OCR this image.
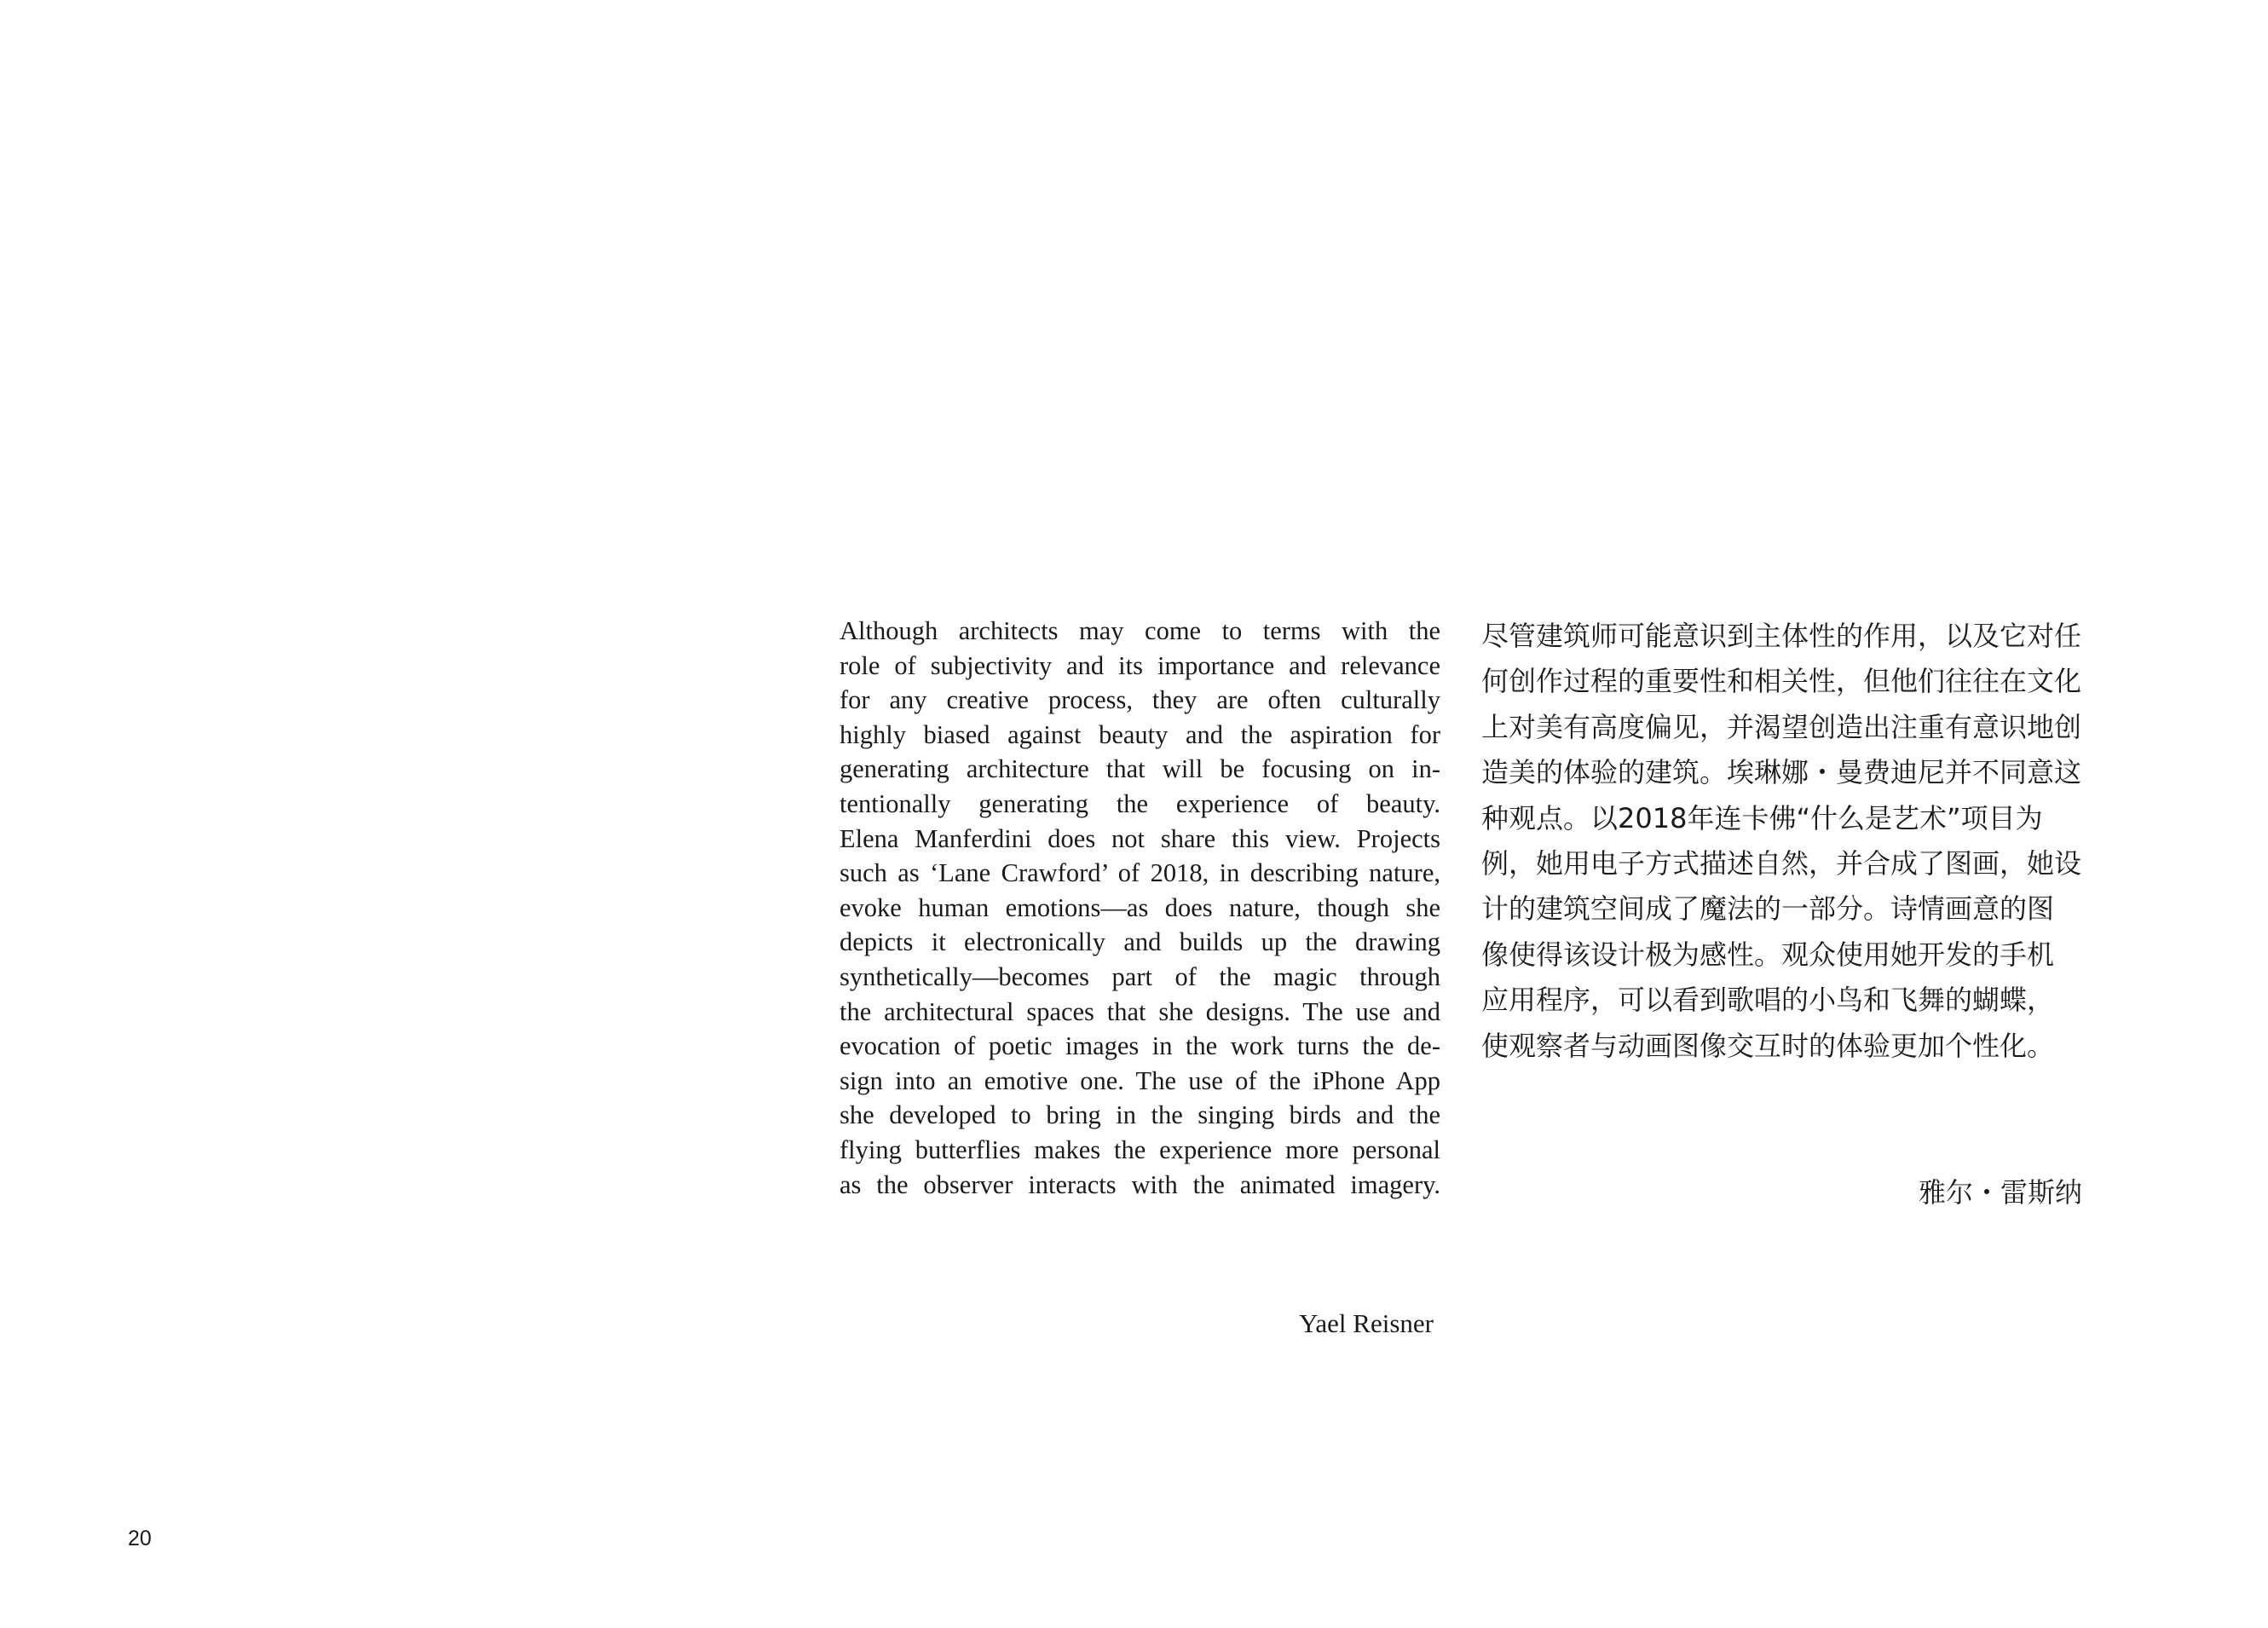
Although architects may come to terms with the
role of subjectivity and its importance and relevance
for any creative process, they are often culturally
highly biased against beauty and the aspiration for
generating architecture that will be focusing on in-
tentionally generating the experience of beauty.
Elena Manferdini does not share this view. Projects
such as ‘Lane Crawford’ of 2018, in describing nature,
evoke human emotions—as does nature, though she
depicts it electronically and builds up the drawing
synthetically—becomes part of the magic through
the architectural spaces that she designs. The use and
evocation of poetic images in the work turns the de-
sign into an emotive one. The use of the iPhone App
she developed to bring in the singing birds and the
flying butterflies makes the experience more personal
as the observer interacts with the animated imagery.
Yael Reisner
尽管建筑师可能意识到主体性的作用，以及它对任
何创作过程的重要性和相关性，但他们往往在文化
上对美有高度偏见，并渴望创造出注重有意识地创
造美的体验的建筑。埃琳娜・曼费迪尼并不同意这
种观点。以2018年连卡佛“什么是艺术”项目为
例，她用电子方式描述自然，并合成了图画，她设
计的建筑空间成了魔法的一部分。诗情画意的图
像使得该设计极为感性。观众使用她开发的手机
应用程序，可以看到歌唱的小鸟和飞舞的蝴蝶，
使观察者与动画图像交互时的体验更加个性化。
雅尔・雷斯纳
20
